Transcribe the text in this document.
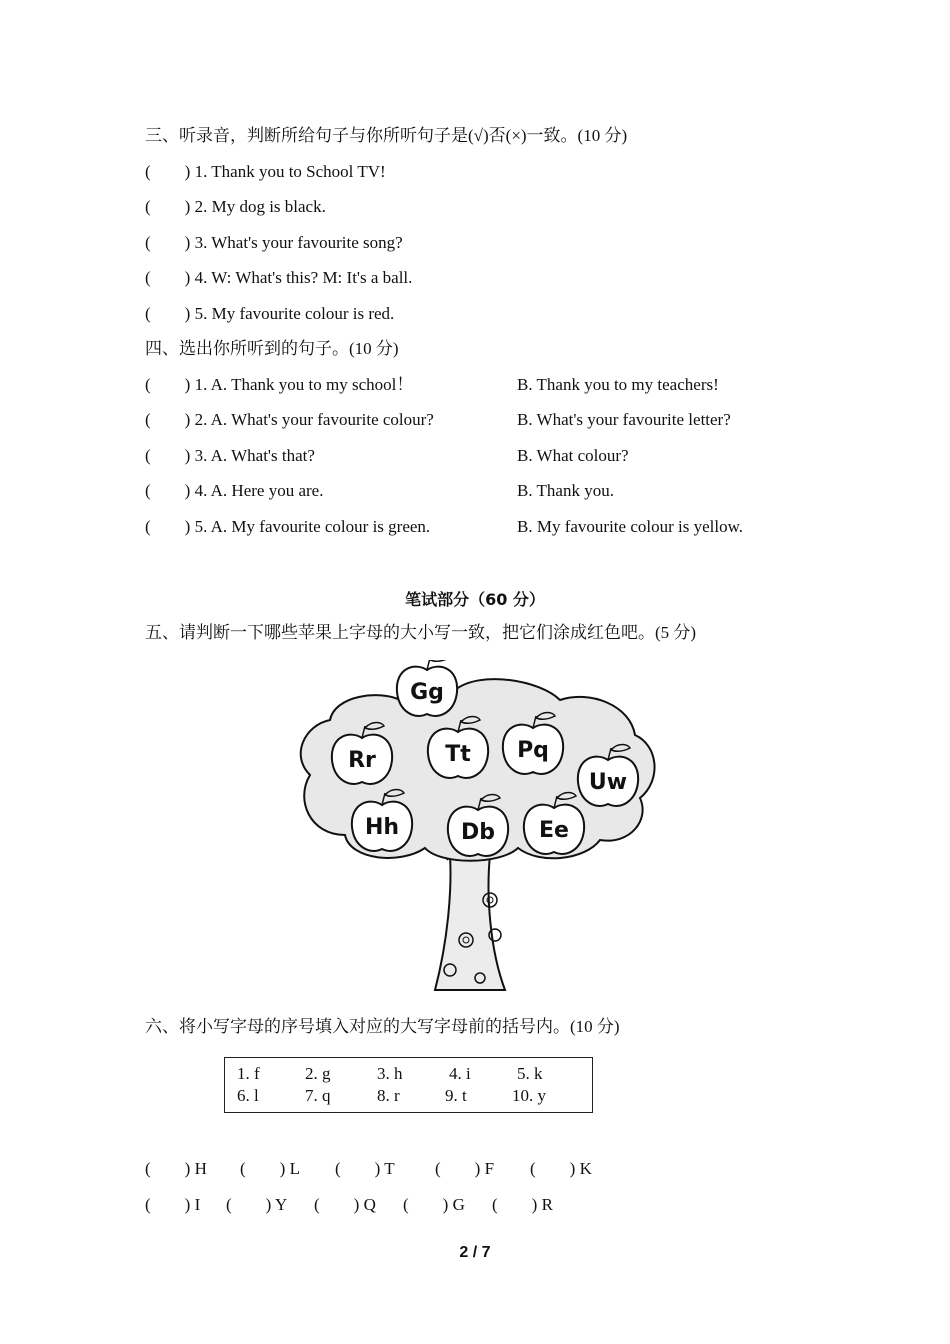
三、听录音，判断所给句子与你所听句子是(√)否(×)一致。(10 分)
(        ) 1. Thank you to School TV!
(        ) 2. My dog is black.
(        ) 3. What's your favourite song?
(        ) 4. W: What's this? M: It's a ball.
(        ) 5. My favourite colour is red.
四、选出你所听到的句子。(10 分)
(        ) 1. A. Thank you to my school！	B. Thank you to my teachers!
(        ) 2. A. What's your favourite colour?	B. What's your favourite letter?
(        ) 3. A. What's that?	B. What colour?
(        ) 4. A. Here you are.	B. Thank you.
(        ) 5. A. My favourite colour is green.	B. My favourite colour is yellow.
笔试部分（60 分）
五、请判断一下哪些苹果上字母的大小写一致，把它们涂成红色吧。(5 分)
Gg
Rr	Tt Pq
Uw
Hh	Db Ee
六、将小写字母的序号填入对应的大写字母前的括号内。(10 分)
1. f	2. g	3. h	4. i	5. k
6. l	7. q	8. r	9. t	10. y
(        ) H (        ) L (        ) T (        ) F (        ) K
(        ) I (        ) Y (        ) Q (        ) G (        ) R
2 / 7
